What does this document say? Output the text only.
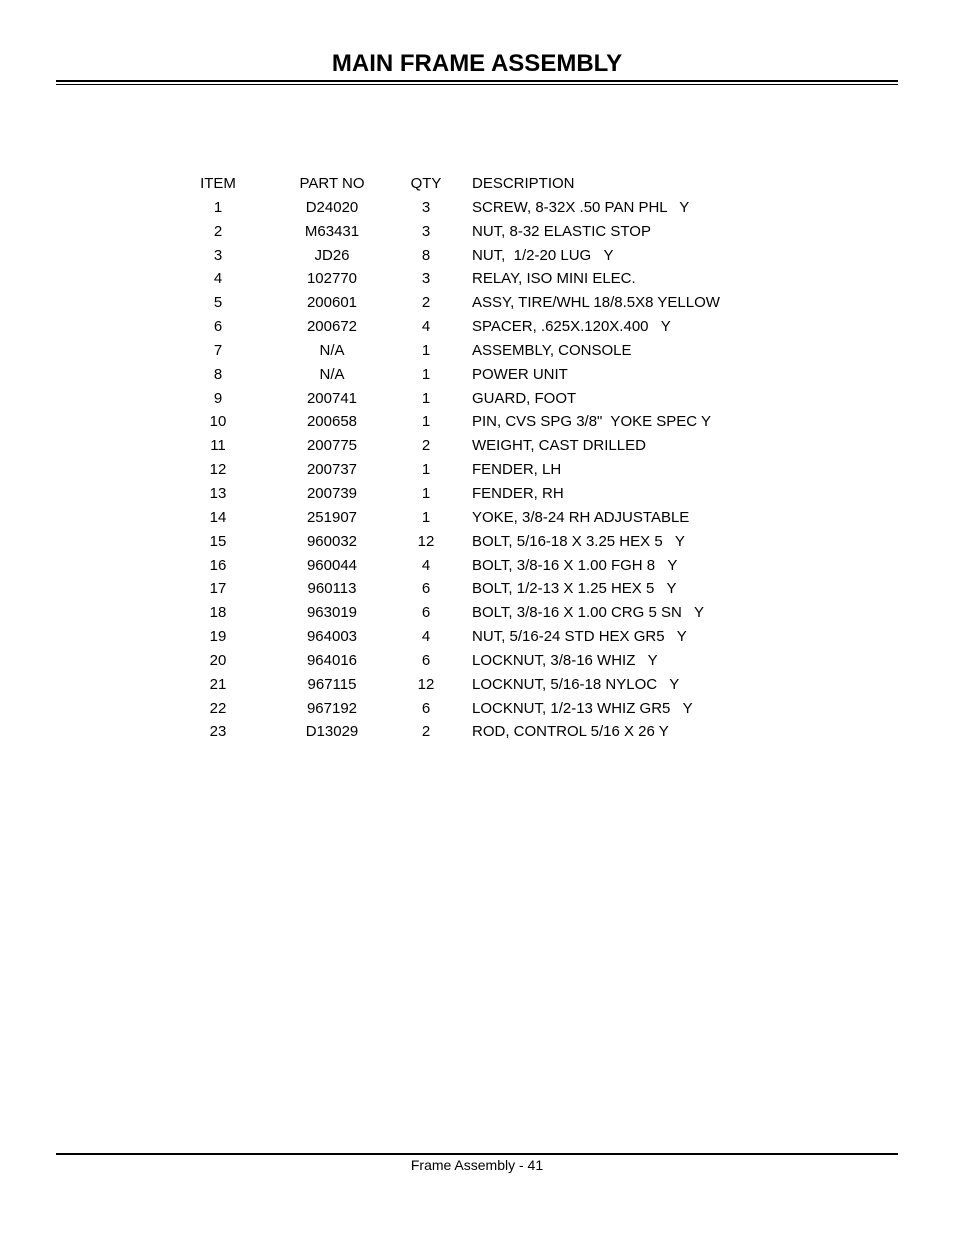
MAIN FRAME ASSEMBLY
ITEM	PART NO	QTY	DESCRIPTION
1	D24020	3	SCREW, 8-32X .50 PAN PHL   Y
2	M63431	3	NUT, 8-32 ELASTIC STOP
3	JD26	8	NUT,  1/2-20 LUG   Y
4	102770	3	RELAY, ISO MINI ELEC.
5	200601	2	ASSY, TIRE/WHL 18/8.5X8 YELLOW
6	200672	4	SPACER, .625X.120X.400   Y
7	N/A	1	ASSEMBLY, CONSOLE
8	N/A	1	POWER UNIT
9	200741	1	GUARD, FOOT
10	200658	1	PIN, CVS SPG 3/8"  YOKE SPEC Y
11	200775	2	WEIGHT, CAST DRILLED
12	200737	1	FENDER, LH
13	200739	1	FENDER, RH
14	251907	1	YOKE, 3/8-24 RH ADJUSTABLE
15	960032	12	BOLT, 5/16-18 X 3.25 HEX 5   Y
16	960044	4	BOLT, 3/8-16 X 1.00 FGH 8   Y
17	960113	6	BOLT, 1/2-13 X 1.25 HEX 5   Y
18	963019	6	BOLT, 3/8-16 X 1.00 CRG 5 SN   Y
19	964003	4	NUT, 5/16-24 STD HEX GR5   Y
20	964016	6	LOCKNUT, 3/8-16 WHIZ   Y
21	967115	12	LOCKNUT, 5/16-18 NYLOC   Y
22	967192	6	LOCKNUT, 1/2-13 WHIZ GR5   Y
23	D13029	2	ROD, CONTROL 5/16 X 26 Y
Frame Assembly - 41
